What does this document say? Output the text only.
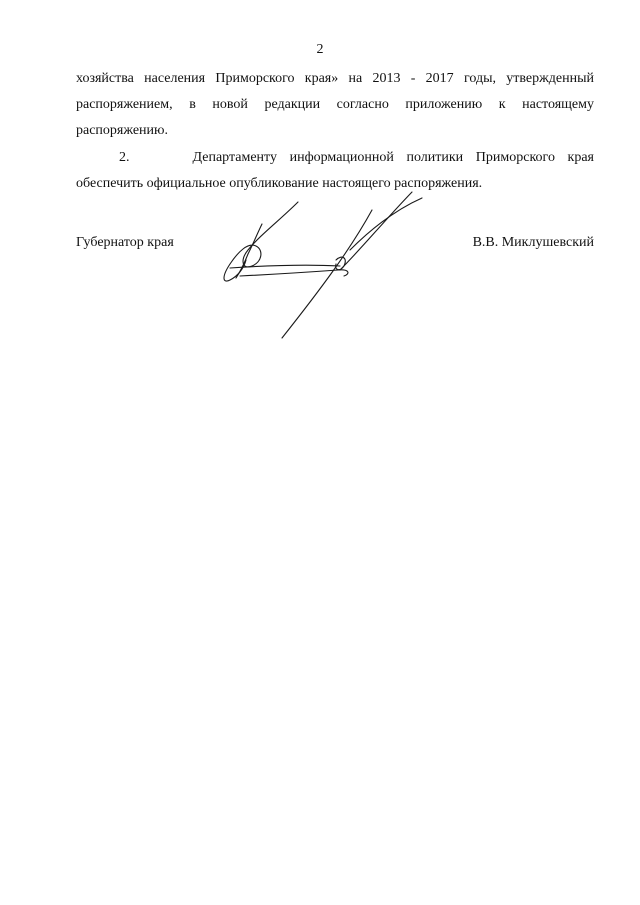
2
хозяйства населения Приморского края» на 2013 - 2017 годы, утвержденный
распоряжением, в новой редакции согласно приложению к настоящему
распоряжению.
2.     Департаменту информационной политики Приморского края
обеспечить официальное опубликование настоящего распоряжения.
Губернатор края	В.В. Миклушевский
